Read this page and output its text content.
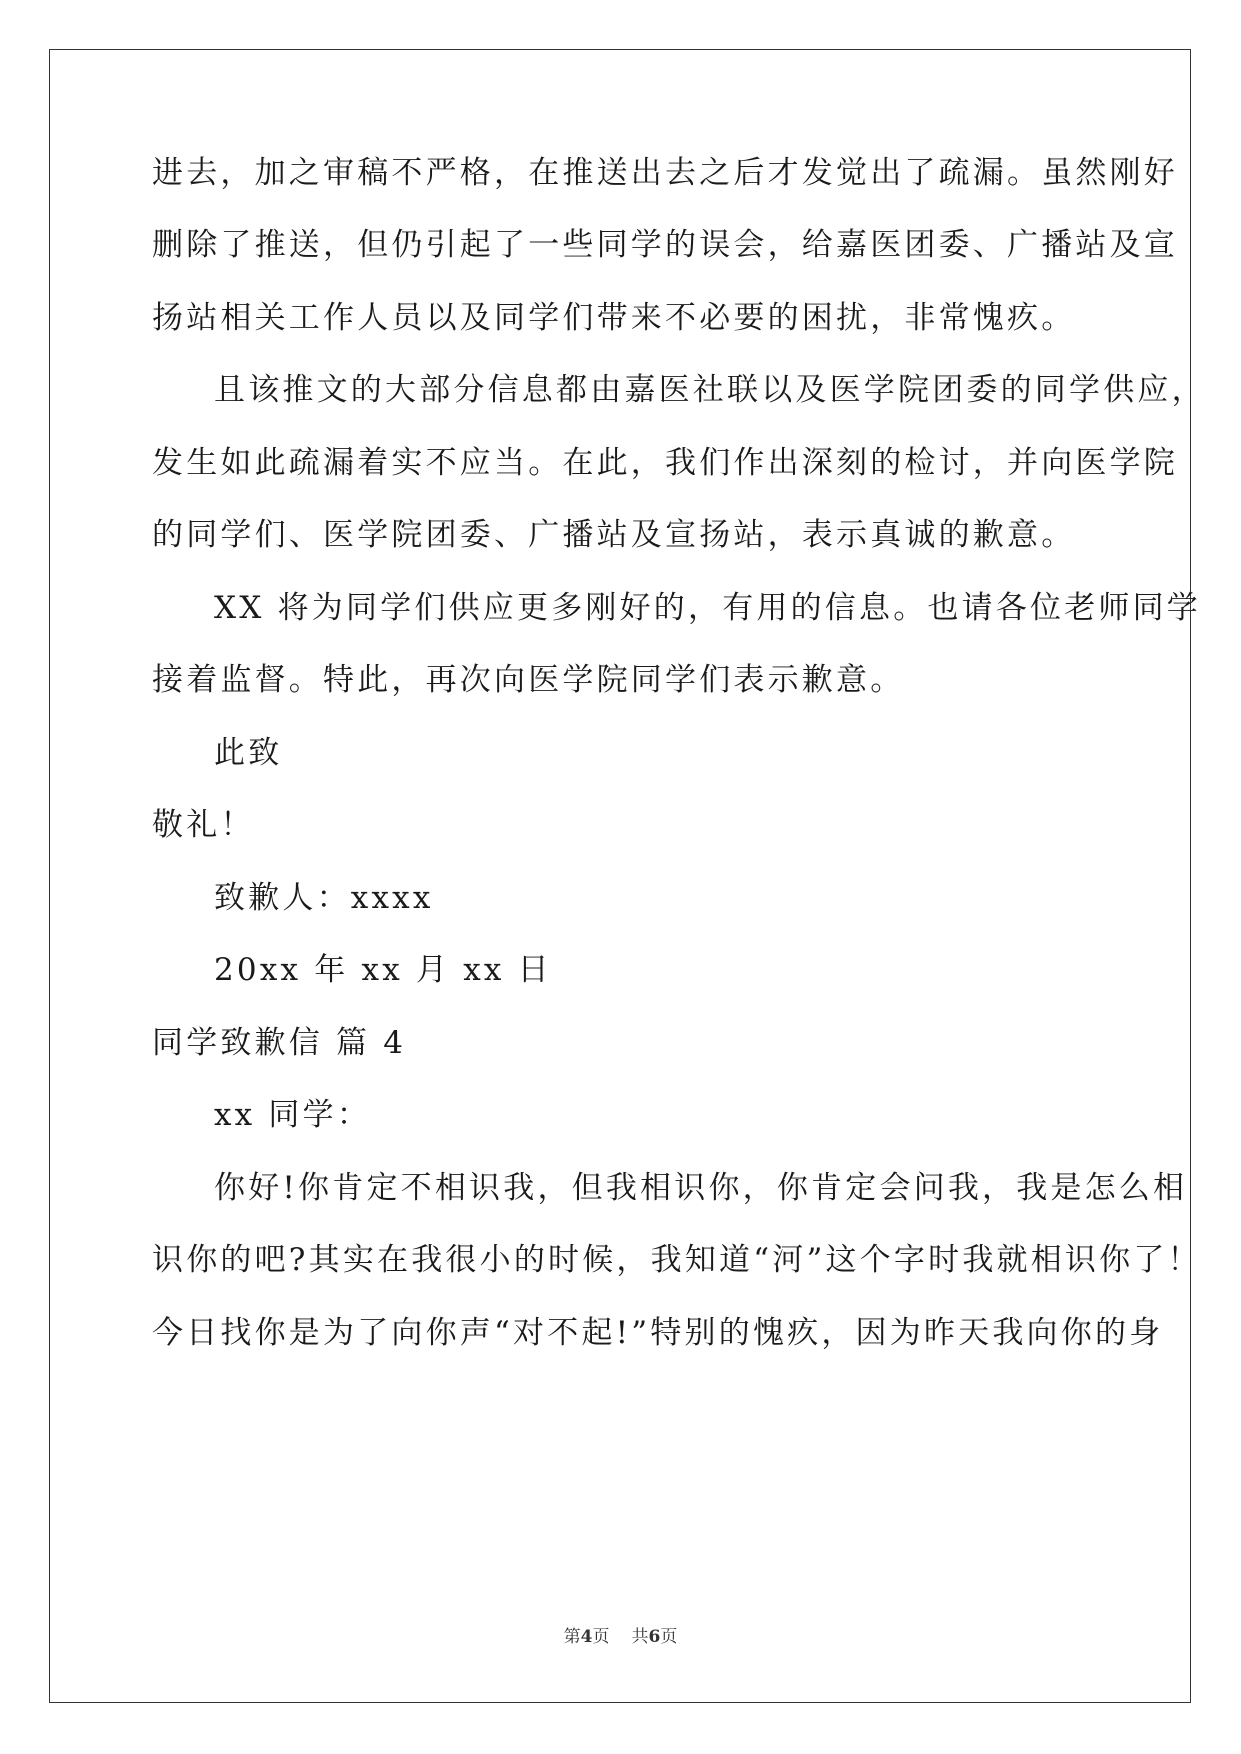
进去，加之审稿不严格，在推送出去之后才发觉出了疏漏。虽然刚好
删除了推送，但仍引起了一些同学的误会，给嘉医团委、广播站及宣
扬站相关工作人员以及同学们带来不必要的困扰，非常愧疚。
且该推文的大部分信息都由嘉医社联以及医学院团委的同学供应，
发生如此疏漏着实不应当。在此，我们作出深刻的检讨，并向医学院
的同学们、医学院团委、广播站及宣扬站，表示真诚的歉意。
XX 将为同学们供应更多刚好的，有用的信息。也请各位老师同学
接着监督。特此，再次向医学院同学们表示歉意。
此致
敬礼！
致歉人：xxxx
20xx 年 xx 月 xx 日
同学致歉信 篇 4
xx 同学：
你好!你肯定不相识我，但我相识你，你肯定会问我，我是怎么相
识你的吧?其实在我很小的时候，我知道“河”这个字时我就相识你了！
今日找你是为了向你声“对不起!”特别的愧疚，因为昨天我向你的身
第4页 共6页
